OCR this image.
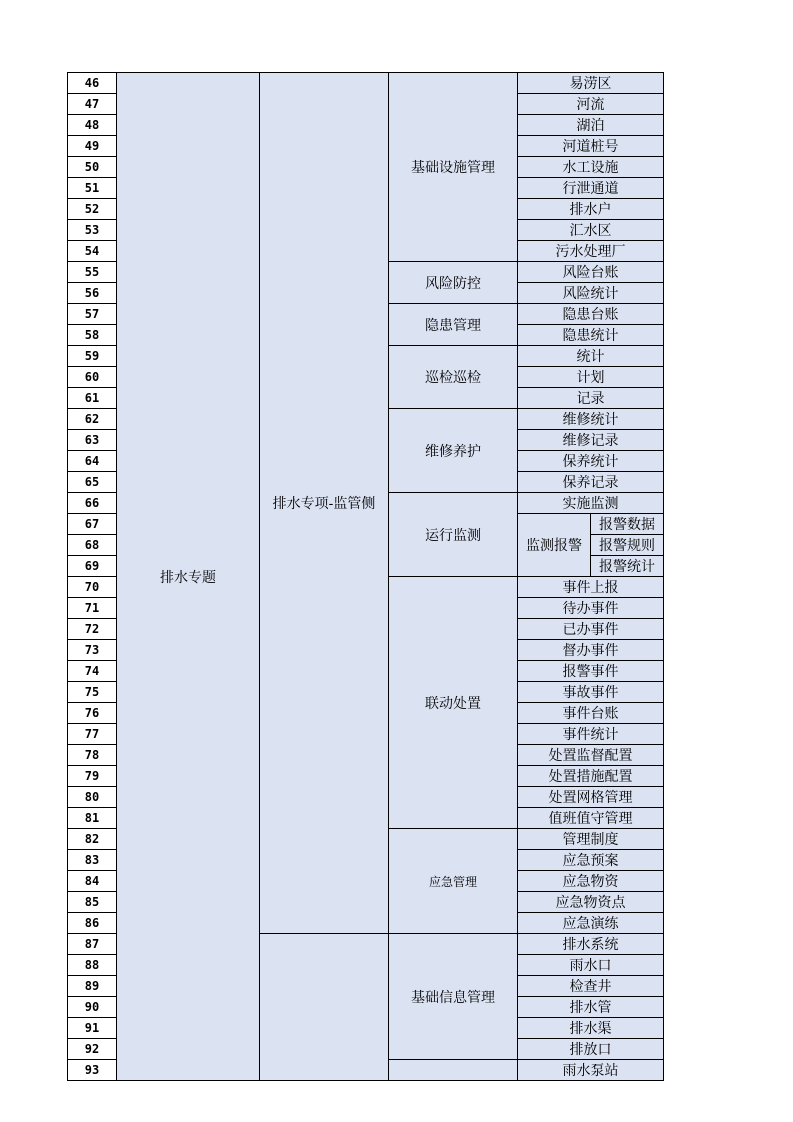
46	排水专题	排水专项-监管侧	基础设施管理	易涝区	
47				河流	
48				湖泊	
49				河道桩号	
50				水工设施	
51				行泄通道	
52				排水户	
53				汇水区	
54				污水处理厂	
55			风险防控	风险台账	
56				风险统计	
57			隐患管理	隐患台账	
58				隐患统计	
59			巡检巡检	统计	
60				计划	
61				记录	
62			维修养护	维修统计	
63				维修记录	
64				保养统计	
65				保养记录	
66			运行监测	实施监测	
67				监测报警	报警数据
68					报警规则
69					报警统计
70			联动处置	事件上报	
71				待办事件	
72				已办事件	
73				督办事件	
74				报警事件	
75				事故事件	
76				事件台账	
77				事件统计	
78				处置监督配置	
79				处置措施配置	
80				处置网格管理	
81				值班值守管理	
82			应急管理	管理制度	
83				应急预案	
84				应急物资	
85				应急物资点	
86				应急演练	
87			基础信息管理	排水系统	
88				雨水口	
89				检查井	
90				排水管	
91				排水渠	
92				排放口	
93				雨水泵站	
